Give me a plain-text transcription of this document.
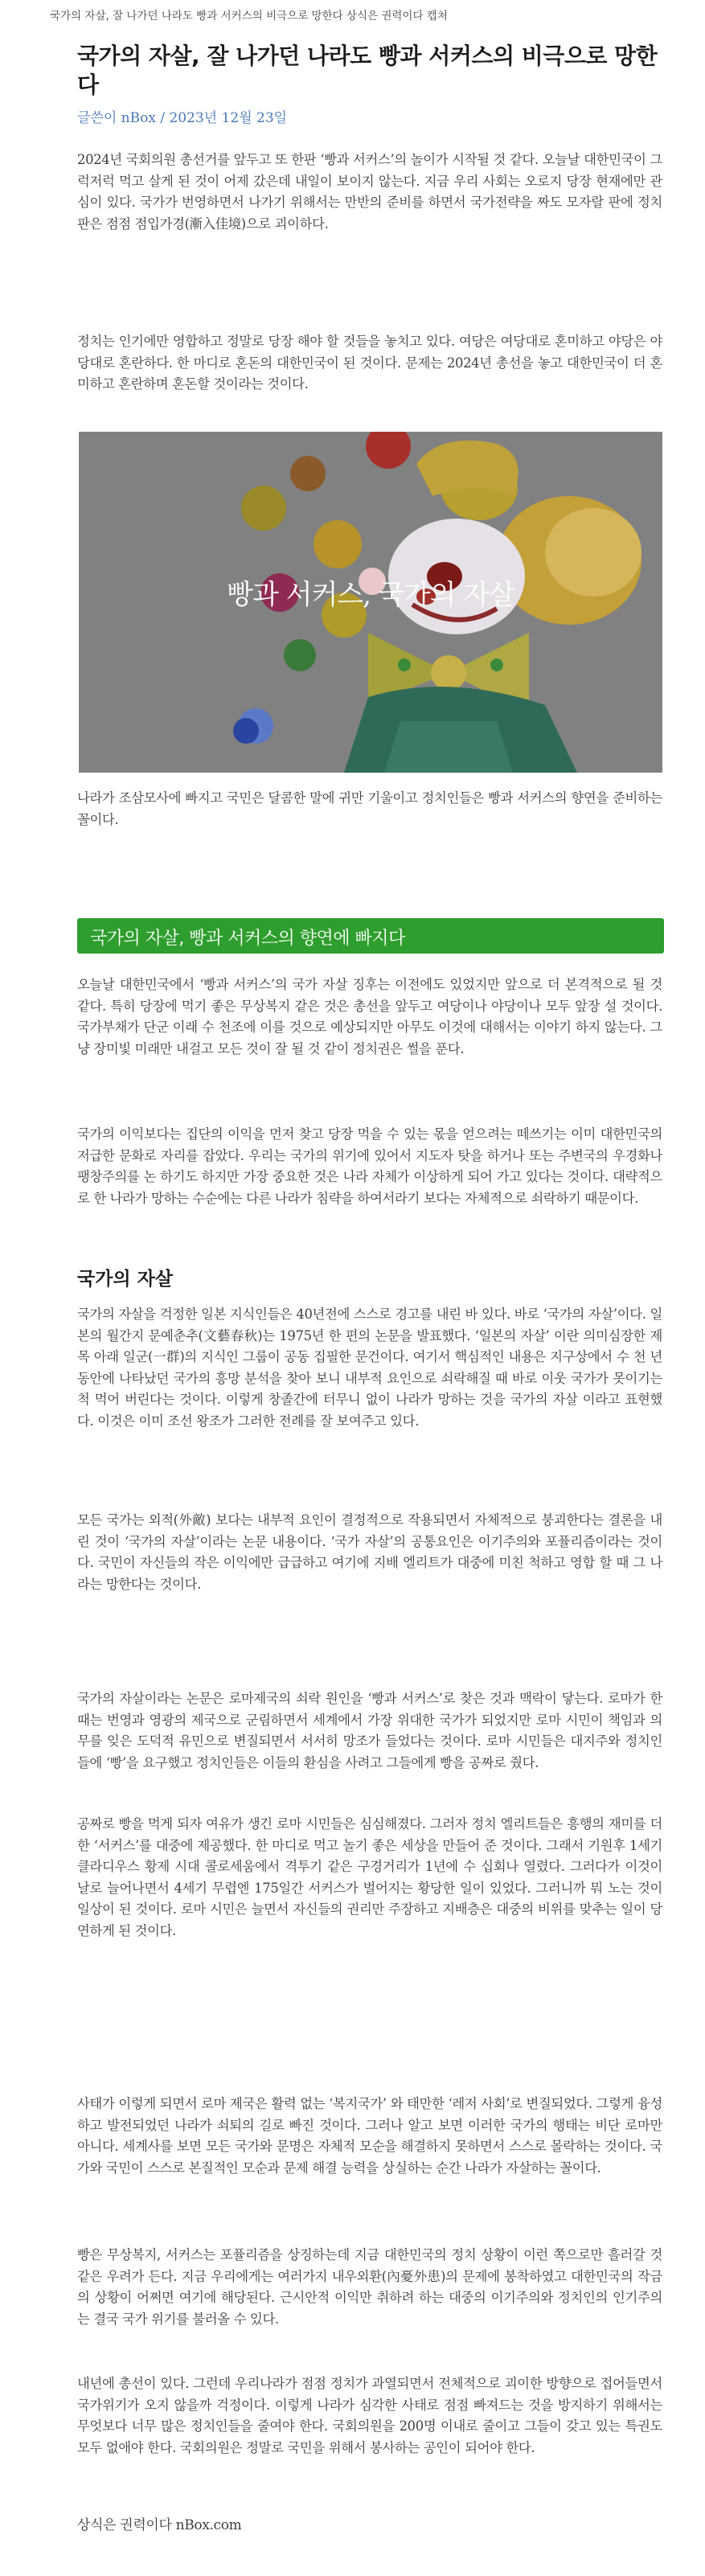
국가의 자살, 잘 나가던 나라도 빵과 서커스의 비극으로 망한다 상식은 권력이다 캡쳐
국가의 자살, 잘 나가던 나라도 빵과 서커스의 비극으로 망한다
글쓴이 nBox / 2023년 12월 23일

2024년 국회의원 총선거를 앞두고 또 한판 ‘빵과 서커스’의 놀이가 시작될 것 같다. 오늘날 대한민국이 그럭저럭 먹고 살게 된 것이 어제 갔은데 내일이 보이지 않는다. 지금 우리 사회는 오로지 당장 현재에만 관심이 있다. 국가가 번영하면서 나가기 위해서는 만반의 준비를 하면서 국가전략을 짜도 모자랄 판에 정치판은 점점 점입가경(漸入佳境)으로 괴이하다.

정치는 인기에만 영합하고 정말로 당장 해야 할 것들을 놓치고 있다. 여당은 여당대로 혼미하고 야당은 야당대로 혼란하다. 한 마디로 혼돈의 대한민국이 된 것이다. 문제는 2024년 총선을 놓고 대한민국이 더 혼미하고 혼란하며 혼돈할 것이라는 것이다.

빵과 서커스, 국가의 자살

나라가 조삼모사에 빠지고 국민은 달콤한 말에 귀만 기울이고 정치인들은 빵과 서커스의 향연을 준비하는 꼴이다.

국가의 자살, 빵과 서커스의 향연에 빠지다

오늘날 대한민국에서 ‘빵과 서커스’의 국가 자살 징후는 이전에도 있었지만 앞으로 더 본격적으로 될 것 같다. 특히 당장에 먹기 좋은 무상복지 같은 것은 총선을 앞두고 여당이나 야당이나 모두 앞장 설 것이다. 국가부채가 단군 이래 수 천조에 이를 것으로 예상되지만 아무도 이것에 대해서는 이야기 하지 않는다. 그냥 장미빛 미래만 내걸고 모든 것이 잘 될 것 같이 정치권은 썰을 푼다.

국가의 이익보다는 집단의 이익을 먼저 찾고 당장 먹을 수 있는 몫을 얻으려는 떼쓰기는 이미 대한민국의 저급한 문화로 자리를 잡았다. 우리는 국가의 위기에 있어서 지도자 탓을 하거나 또는 주변국의 우경화나 팽창주의를 논 하기도 하지만 가장 중요한 것은 나라 자체가 이상하게 되어 가고 있다는 것이다. 대략적으로 한 나라가 망하는 수순에는 다른 나라가 침략을 하여서라기 보다는 자체적으로 쇠락하기 때문이다.

국가의 자살

국가의 자살을 걱정한 일본 지식인들은 40년전에 스스로 경고를 내린 바 있다. 바로 ‘국가의 자살’이다. 일본의 월간지 문예춘추(文藝春秋)는 1975년 한 편의 논문을 발표했다. ‘일본의 자살’ 이란 의미심장한 제목 아래 일군(一群)의 지식인 그룹이 공동 집필한 문건이다. 여기서 핵심적인 내용은 지구상에서 수 천 년 동안에 나타났던 국가의 흥망 분석을 찾아 보니 내부적 요인으로 쇠락해질 때 바로 이웃 국가가 못이기는 척 먹어 버린다는 것이다. 이렇게 창졸간에 터무니 없이 나라가 망하는 것을 국가의 자살 이라고 표현했다. 이것은 이미 조선 왕조가 그러한 전례를 잘 보여주고 있다.

모든 국가는 외적(外敵) 보다는 내부적 요인이 결정적으로 작용되면서 자체적으로 붕괴한다는 결론을 내린 것이 ‘국가의 자살’이라는 논문 내용이다. ‘국가 자살’의 공통요인은 이기주의와 포퓰리즘이라는 것이다. 국민이 자신들의 작은 이익에만 급급하고 여기에 지배 엘리트가 대중에 미친 척하고 영합 할 때 그 나라는 망한다는 것이다.

국가의 자살이라는 논문은 로마제국의 쇠락 원인을 ‘빵과 서커스’로 찾은 것과 맥락이 닿는다. 로마가 한때는 번영과 영광의 제국으로 군림하면서 세계에서 가장 위대한 국가가 되었지만 로마 시민이 책임과 의무를 잊은 도덕적 유민으로 변질되면서 서서히 망조가 들었다는 것이다. 로마 시민들은 대지주와 정치인들에 ‘빵’을 요구했고 정치인들은 이들의 환심을 사려고 그들에게 빵을 공짜로 줬다.

공짜로 빵을 먹게 되자 여유가 생긴 로마 시민들은 심심해졌다. 그러자 정치 엘리트들은 흥행의 재미를 더한 ‘서커스’를 대중에 제공했다. 한 마디로 먹고 놀기 좋은 세상을 만들어 준 것이다. 그래서 기원후 1세기 클라디우스 황제 시대 콜로세움에서 격투기 같은 구경거리가 1년에 수 십회나 열렸다. 그러다가 이것이 날로 늘어나면서 4세기 무렵엔 175일간 서커스가 벌어지는 황당한 일이 있었다. 그러니까 뭐 노는 것이 일상이 된 것이다. 로마 시민은 늘면서 자신들의 권리만 주장하고 지배층은 대중의 비위를 맞추는 일이 당연하게 된 것이다.

사태가 이렇게 되면서 로마 제국은 활력 없는 ‘복지국가’ 와 태만한 ‘레저 사회’로 변질되었다. 그렇게 융성하고 발전되었던 나라가 쇠퇴의 길로 빠진 것이다. 그러나 알고 보면 이러한 국가의 행태는 비단 로마만 아니다. 세계사를 보면 모든 국가와 문명은 자체적 모순을 해결하지 못하면서 스스로 몰락하는 것이다. 국가와 국민이 스스로 본질적인 모순과 문제 해결 능력을 상실하는 순간 나라가 자살하는 꼴이다.

빵은 무상복지, 서커스는 포퓰리즘을 상징하는데 지금 대한민국의 정치 상황이 이런 쪽으로만 흘러갈 것 같은 우려가 든다. 지금 우리에게는 여러가지 내우외환(內憂外患)의 문제에 봉착하였고 대한민국의 작금의 상황이 어쩌면 여기에 해당된다. 근시안적 이익만 취하려 하는 대중의 이기주의와 정치인의 인기주의는 결국 국가 위기를 불러올 수 있다.

내년에 총선이 있다. 그런데 우리나라가 점점 정치가 과열되면서 전체적으로 괴이한 방향으로 접어들면서 국가위기가 오지 않을까 걱정이다. 이렇게 나라가 심각한 사태로 점점 빠져드는 것을 방지하기 위해서는 무엇보다 너무 많은 정치인들을 줄여야 한다. 국회의원을 200명 이내로 줄이고 그들이 갖고 있는 특권도 모두 없애야 한다. 국회의원은 정말로 국민을 위해서 봉사하는 공인이 되어야 한다.

상식은 권력이다 nBox.com
